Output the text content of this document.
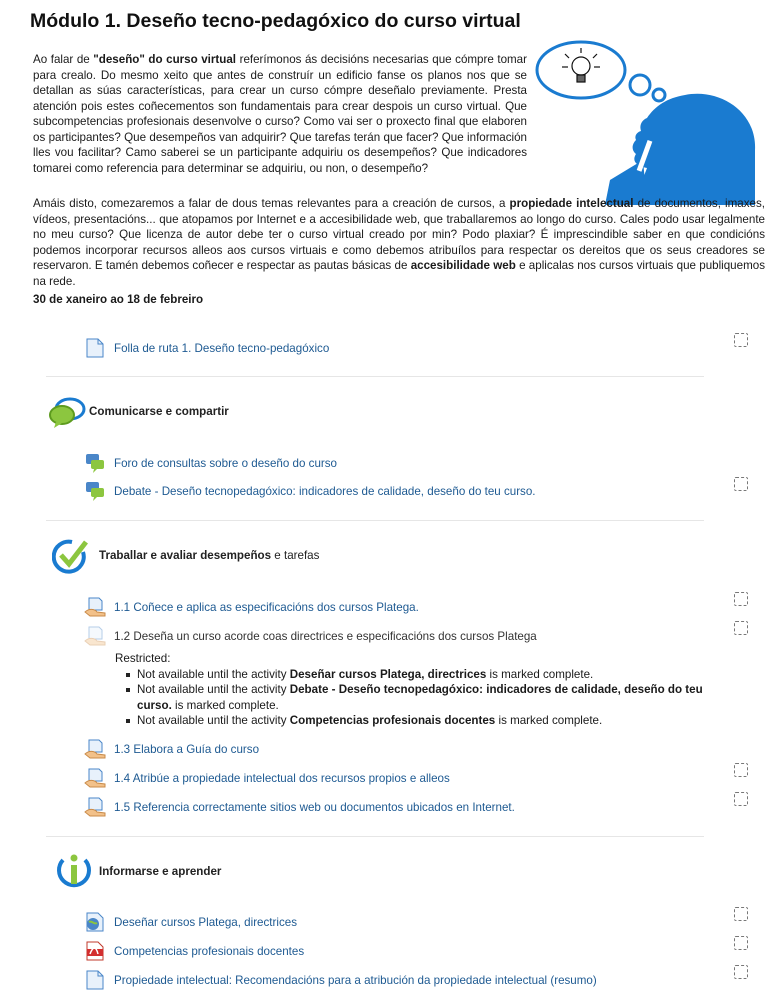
Módulo 1. Deseño tecno-pedagóxico do curso virtual

Ao falar de "deseño" do curso virtual referímonos ás decisións necesarias que cómpre tomar para crealo. Do mesmo xeito que antes de construír un edificio fanse os planos nos que se detallan as súas características, para crear un curso cómpre deseñalo previamente. Presta atención pois estes coñecementos son fundamentais para crear despois un curso virtual. Que subcompetencias profesionais desenvolve o curso? Como vai ser o proxecto final que elaboren os participantes? Que desempeños van adquirir? Que tarefas terán que facer? Que información lles vou facilitar? Camo saberei se un participante adquiriu os desempeños? Que indicadores tomarei como referencia para determinar se adquiriu, ou non, o desempeño?

Amáis disto, comezaremos a falar de dous temas relevantes para a creación de cursos, a propiedade intelectual de documentos, imaxes, vídeos, presentacións... que atopamos por Internet e a accesibilidade web, que traballaremos ao longo do curso. Cales podo usar legalmente no meu curso? Que licenza de autor debe ter o curso virtual creado por min? Podo plaxiar? É imprescindible saber en que condicións podemos incorporar recursos alleos aos cursos virtuais e como debemos atribuílos para respectar os dereitos que os seus creadores se reservaron. E tamén debemos coñecer e respectar as pautas básicas de accesibilidade web e aplicalas nos cursos virtuais que publiquemos na rede.

30 de xaneiro ao 18 de febreiro

Folla de ruta 1. Deseño tecno-pedagóxico
Comunicarse e compartir
Foro de consultas sobre o deseño do curso
Debate - Deseño tecnopedagóxico: indicadores de calidade, deseño do teu curso.
Traballar e avaliar desempeños e tarefas
1.1 Coñece e aplica as especificacións dos cursos Platega.
1.2 Deseña un curso acorde coas directrices e especificacións dos cursos Platega
Restricted:
Not available until the activity Deseñar cursos Platega, directrices is marked complete.
Not available until the activity Debate - Deseño tecnopedagóxico: indicadores de calidade, deseño do teu curso. is marked complete.
Not available until the activity Competencias profesionais docentes is marked complete.
1.3 Elabora a Guía do curso
1.4 Atribúe a propiedade intelectual dos recursos propios e alleos
1.5 Referencia correctamente sitios web ou documentos ubicados en Internet.
Informarse e aprender
Deseñar cursos Platega, directrices
Competencias profesionais docentes
Propiedade intelectual: Recomendacións para a atribución da propiedade intelectual (resumo)
